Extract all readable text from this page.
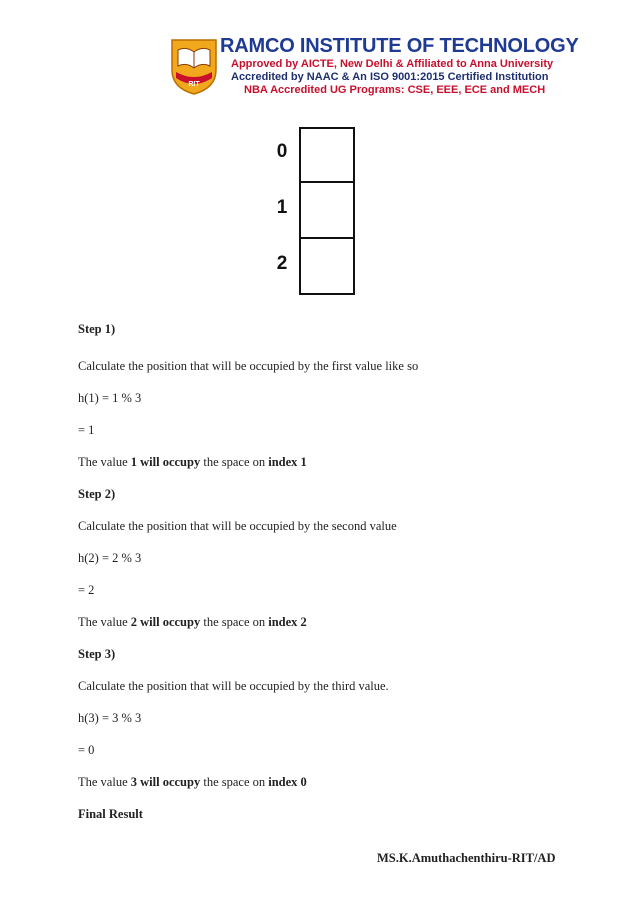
RIT
RAMCO INSTITUTE OF TECHNOLOGY
Approved by AICTE, New Delhi & Affiliated to Anna University
Accredited by NAAC & An ISO 9001:2015 Certified Institution
NBA Accredited UG Programs: CSE, EEE, ECE and MECH
0
1
2
Step 1)
Calculate the position that will be occupied by the first value like so
h(1) = 1 % 3
= 1
The value 1 will occupy the space on index 1
Step 2)
Calculate the position that will be occupied by the second value
h(2) = 2 % 3
= 2
The value 2 will occupy the space on index 2
Step 3)
Calculate the position that will be occupied by the third value.
h(3) = 3 % 3
= 0
The value 3 will occupy the space on index 0
Final Result
MS.K.Amuthachenthiru-RIT/AD
